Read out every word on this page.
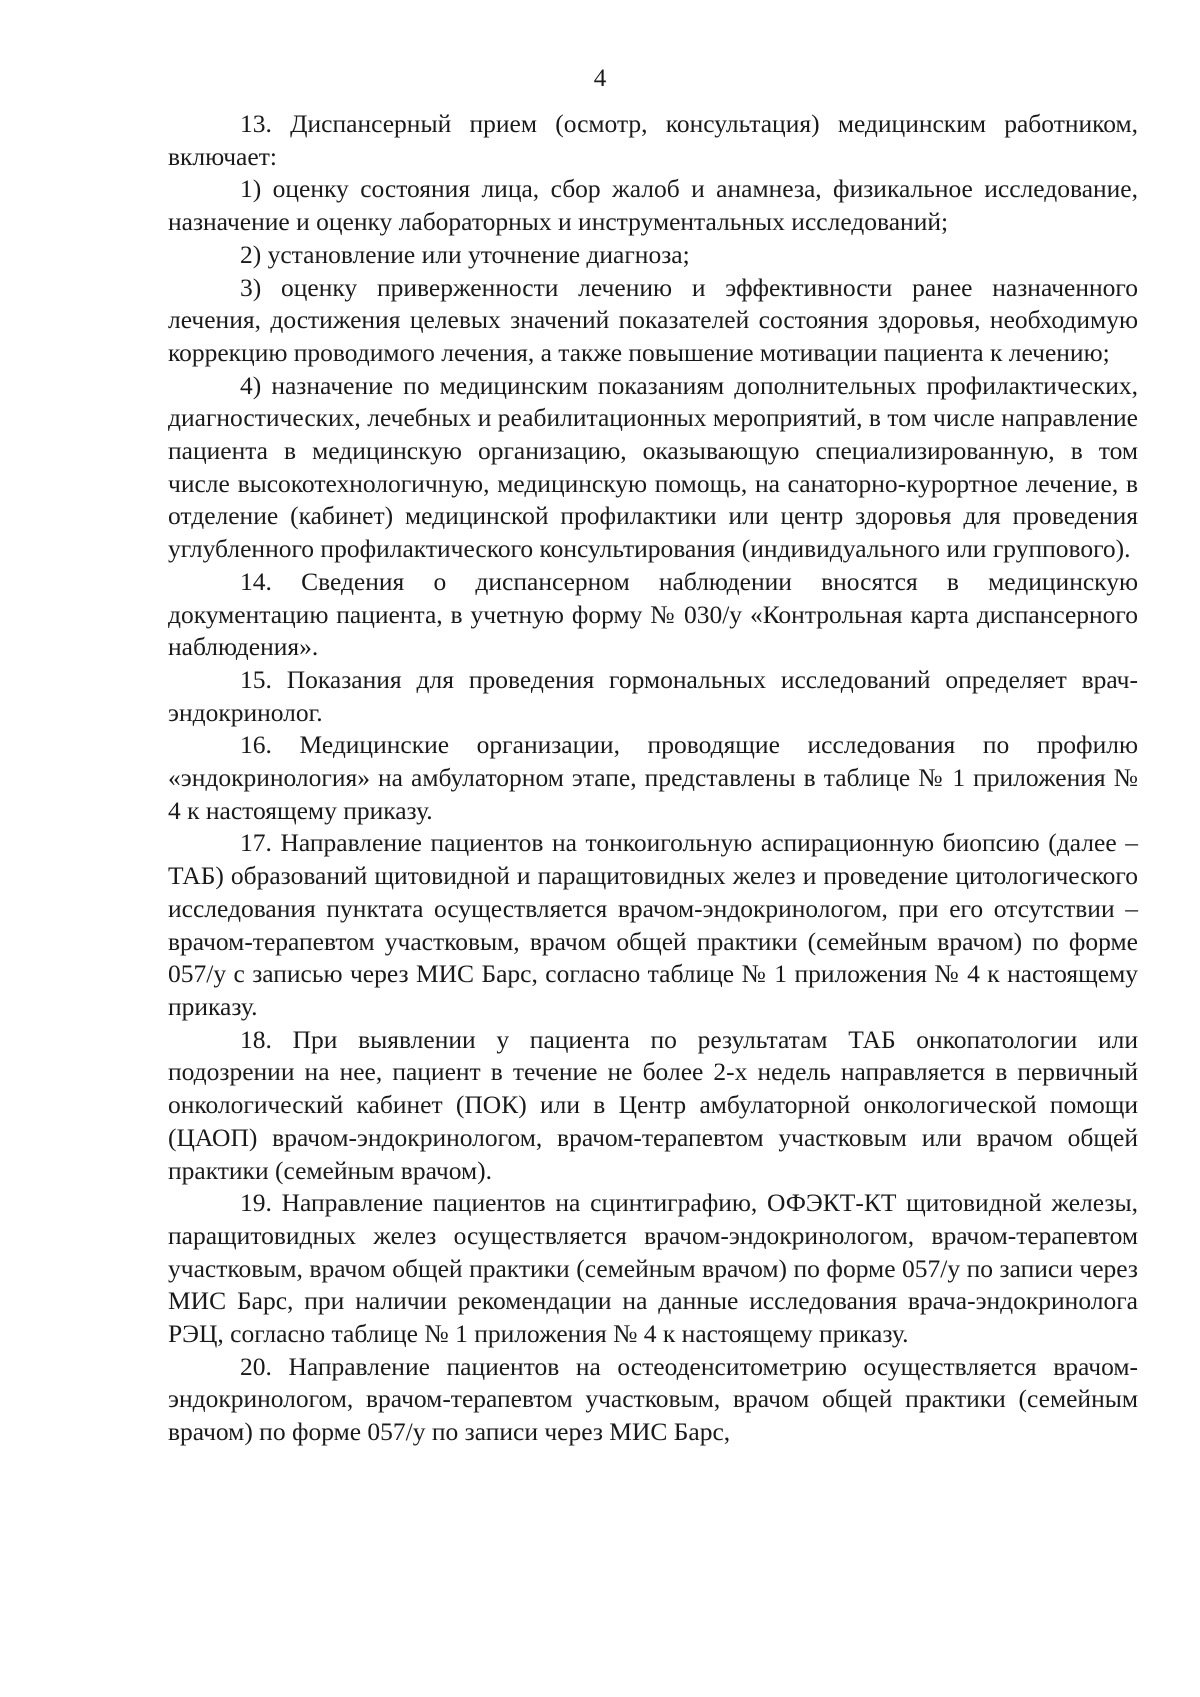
4

13. Диспансерный прием (осмотр, консультация) медицинским работником, включает:

1) оценку состояния лица, сбор жалоб и анамнеза, физикальное исследование, назначение и оценку лабораторных и инструментальных исследований;

2) установление или уточнение диагноза;

3) оценку приверженности лечению и эффективности ранее назначенного лечения, достижения целевых значений показателей состояния здоровья, необходимую коррекцию проводимого лечения, а также повышение мотивации пациента к лечению;

4) назначение по медицинским показаниям дополнительных профилактических, диагностических, лечебных и реабилитационных мероприятий, в том числе направление пациента в медицинскую организацию, оказывающую специализированную, в том числе высокотехнологичную, медицинскую помощь, на санаторно-курортное лечение, в отделение (кабинет) медицинской профилактики или центр здоровья для проведения углубленного профилактического консультирования (индивидуального или группового).

14. Сведения о диспансерном наблюдении вносятся в медицинскую документацию пациента, в учетную форму № 030/у «Контрольная карта диспансерного наблюдения».

15. Показания для проведения гормональных исследований определяет врач-эндокринолог.

16. Медицинские организации, проводящие исследования по профилю «эндокринология» на амбулаторном этапе, представлены в таблице № 1 приложения № 4 к настоящему приказу.

17. Направление пациентов на тонкоигольную аспирационную биопсию (далее – ТАБ) образований щитовидной и паращитовидных желез и проведение цитологического исследования пунктата осуществляется врачом-эндокринологом, при его отсутствии – врачом-терапевтом участковым, врачом общей практики (семейным врачом) по форме 057/у с записью через МИС Барс, согласно таблице № 1 приложения № 4 к настоящему приказу.

18. При выявлении у пациента по результатам ТАБ онкопатологии или подозрении на нее, пациент в течение не более 2-х недель направляется в первичный онкологический кабинет (ПОК) или в Центр амбулаторной онкологической помощи (ЦАОП) врачом-эндокринологом, врачом-терапевтом участковым или врачом общей практики (семейным врачом).

19. Направление пациентов на сцинтиграфию, ОФЭКТ-КТ щитовидной железы, паращитовидных желез осуществляется врачом-эндокринологом, врачом-терапевтом участковым, врачом общей практики (семейным врачом) по форме 057/у по записи через МИС Барс, при наличии рекомендации на данные исследования врача-эндокринолога РЭЦ, согласно таблице № 1 приложения № 4 к настоящему приказу.

20. Направление пациентов на остеоденситометрию осуществляется врачом-эндокринологом, врачом-терапевтом участковым, врачом общей практики (семейным врачом) по форме 057/у по записи через МИС Барс,
